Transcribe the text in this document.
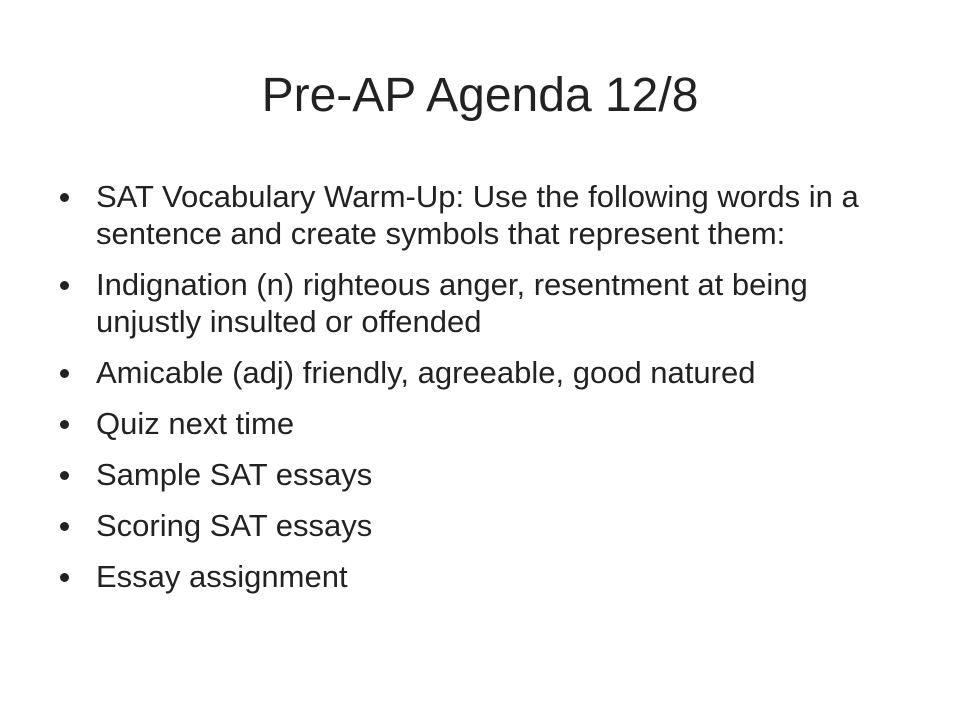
Pre-AP Agenda 12/8
SAT Vocabulary Warm-Up: Use the following words in a sentence and create symbols that represent them:
Indignation (n) righteous anger, resentment at being unjustly insulted or offended
Amicable (adj) friendly, agreeable, good natured
Quiz next time
Sample SAT essays
Scoring SAT essays
Essay assignment
